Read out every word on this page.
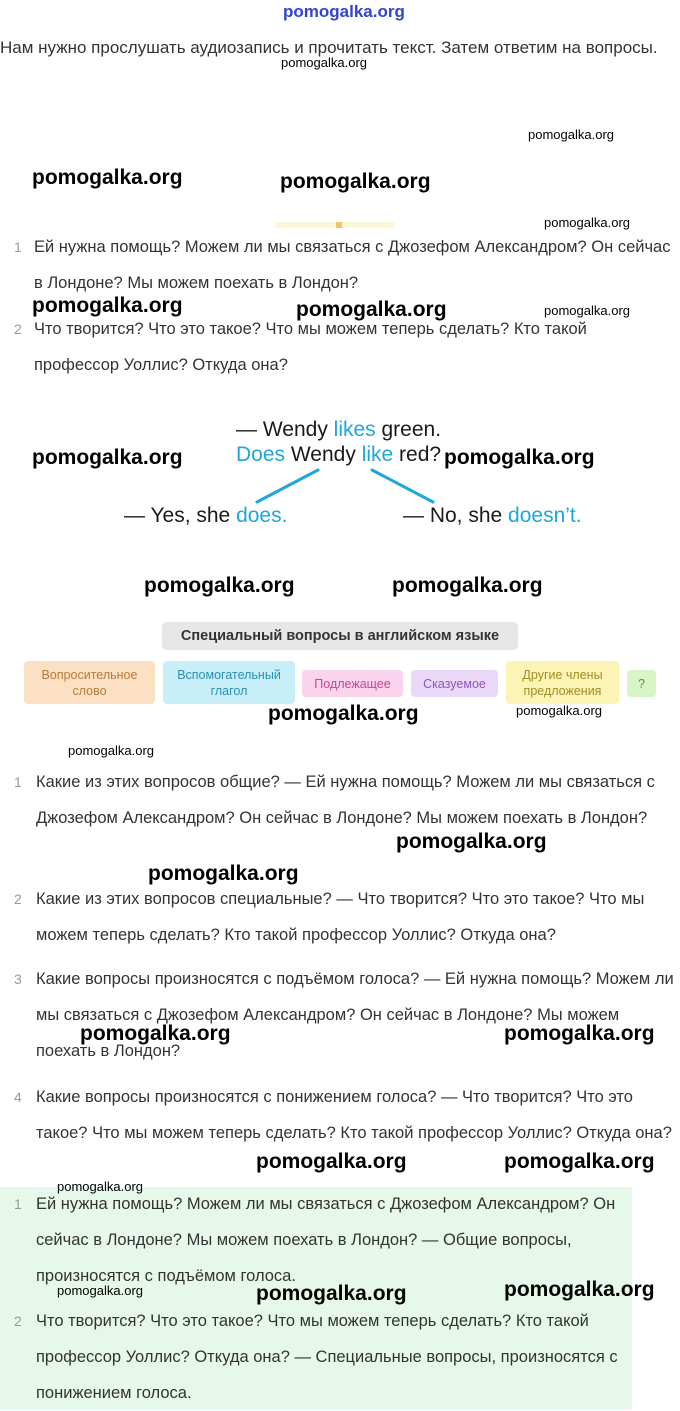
pomogalka.org
Нам нужно прослушать аудиозапись и прочитать текст. Затем ответим на вопросы.
1 Ей нужна помощь? Можем ли мы связаться с Джозефом Александром? Он сейчас в Лондоне? Мы можем поехать в Лондон?
2 Что творится? Что это такое? Что мы можем теперь сделать? Кто такой профессор Уоллис? Откуда она?
— Wendy likes green.
Does Wendy like red?
— Yes, she does.	— No, she doesn’t.
Специальный вопросы в английском языке
Вопросительное слово
Вспомогательный глагол	Подлежащее	Сказуемое
Другие члены предложения	?
1 Какие из этих вопросов общие? — Ей нужна помощь? Можем ли мы связаться с Джозефом Александром? Он сейчас в Лондоне? Мы можем поехать в Лондон?
2 Какие из этих вопросов специальные? — Что творится? Что это такое? Что мы можем теперь сделать? Кто такой профессор Уоллис? Откуда она?
3 Какие вопросы произносятся с подъёмом голоса? — Ей нужна помощь? Можем ли мы связаться с Джозефом Александром? Он сейчас в Лондоне? Мы можем поехать в Лондон?
4 Какие вопросы произносятся с понижением голоса? — Что творится? Что это такое? Что мы можем теперь сделать? Кто такой профессор Уоллис? Откуда она?
1 Ей нужна помощь? Можем ли мы связаться с Джозефом Александром? Он сейчас в Лондоне? Мы можем поехать в Лондон? — Общие вопросы, произносятся с подъёмом голоса.
2 Что творится? Что это такое? Что мы можем теперь сделать? Кто такой профессор Уоллис? Откуда она? — Специальные вопросы, произносятся с понижением голоса.
pomogalka.org
pomogalka.org
pomogalka.org	pomogalka.org
pomogalka.org
pomogalka.org	pomogalka.org	pomogalka.org
pomogalka.org	pomogalka.org
pomogalka.org	pomogalka.org
pomogalka.org	pomogalka.org
pomogalka.org
pomogalka.org
pomogalka.org
pomogalka.org	pomogalka.org
pomogalka.org	pomogalka.org
pomogalka.org
pomogalka.org	pomogalka.org	pomogalka.org
